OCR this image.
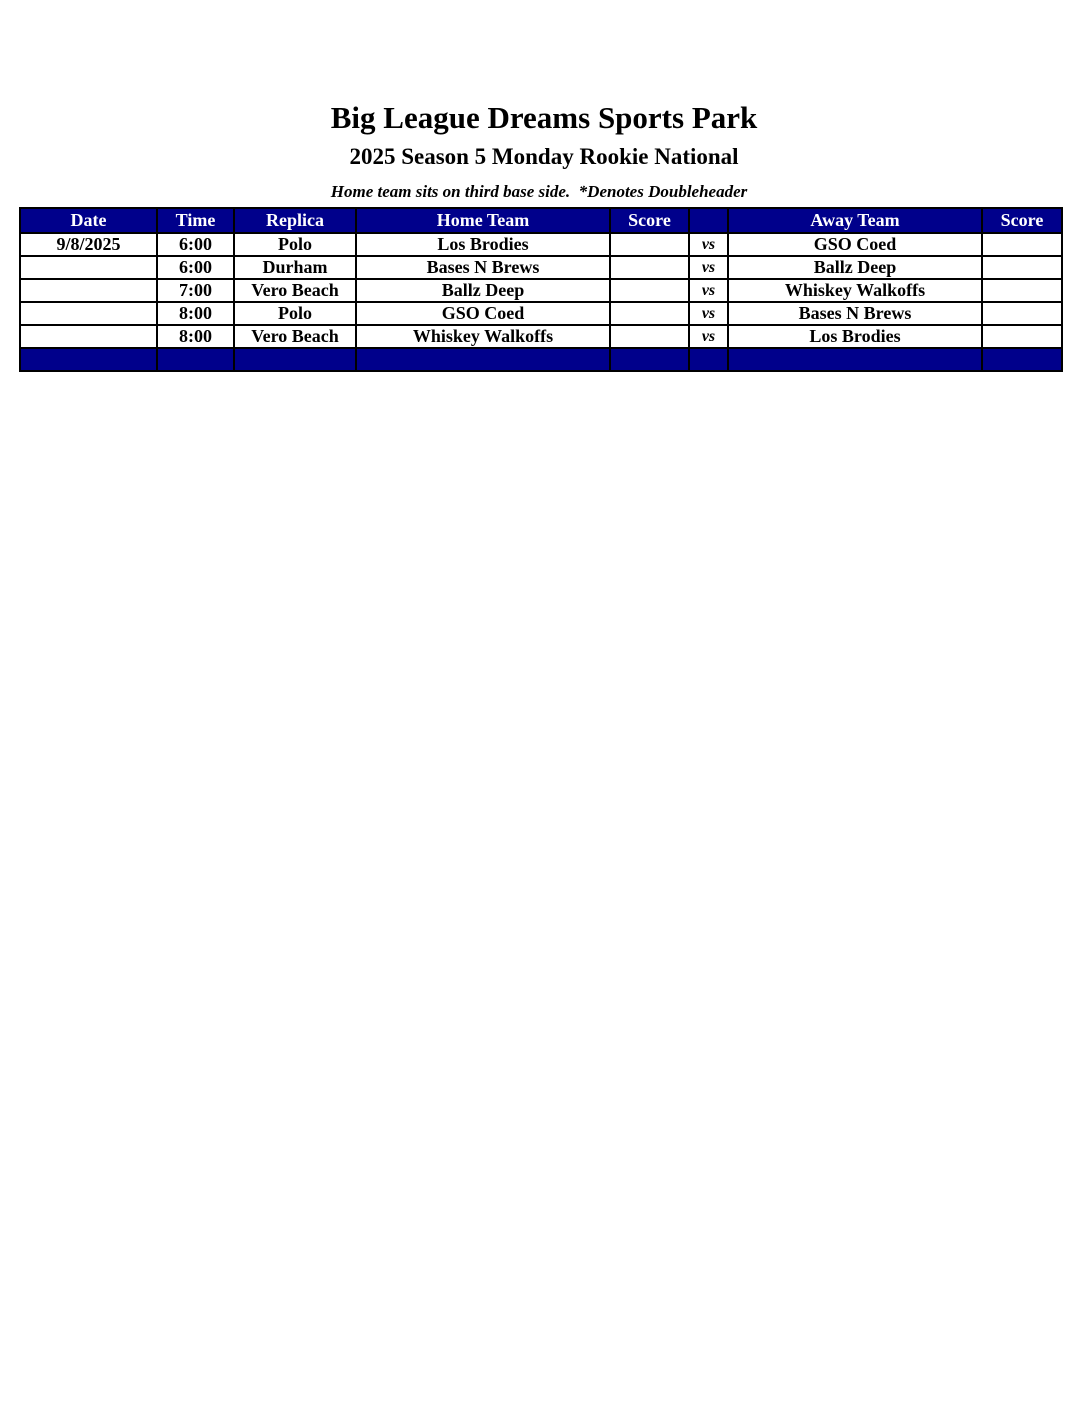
Big League Dreams Sports Park
2025 Season 5 Monday Rookie National
Home team sits on third base side.  *Denotes Doubleheader
Date	Time	Replica	Home Team	Score		Away Team	Score
9/8/2025	6:00	Polo	Los Brodies		vs	GSO Coed	
	6:00	Durham	Bases N Brews		vs	Ballz Deep	
	7:00	Vero Beach	Ballz Deep		vs	Whiskey Walkoffs	
	8:00	Polo	GSO Coed		vs	Bases N Brews	
	8:00	Vero Beach	Whiskey Walkoffs		vs	Los Brodies	
